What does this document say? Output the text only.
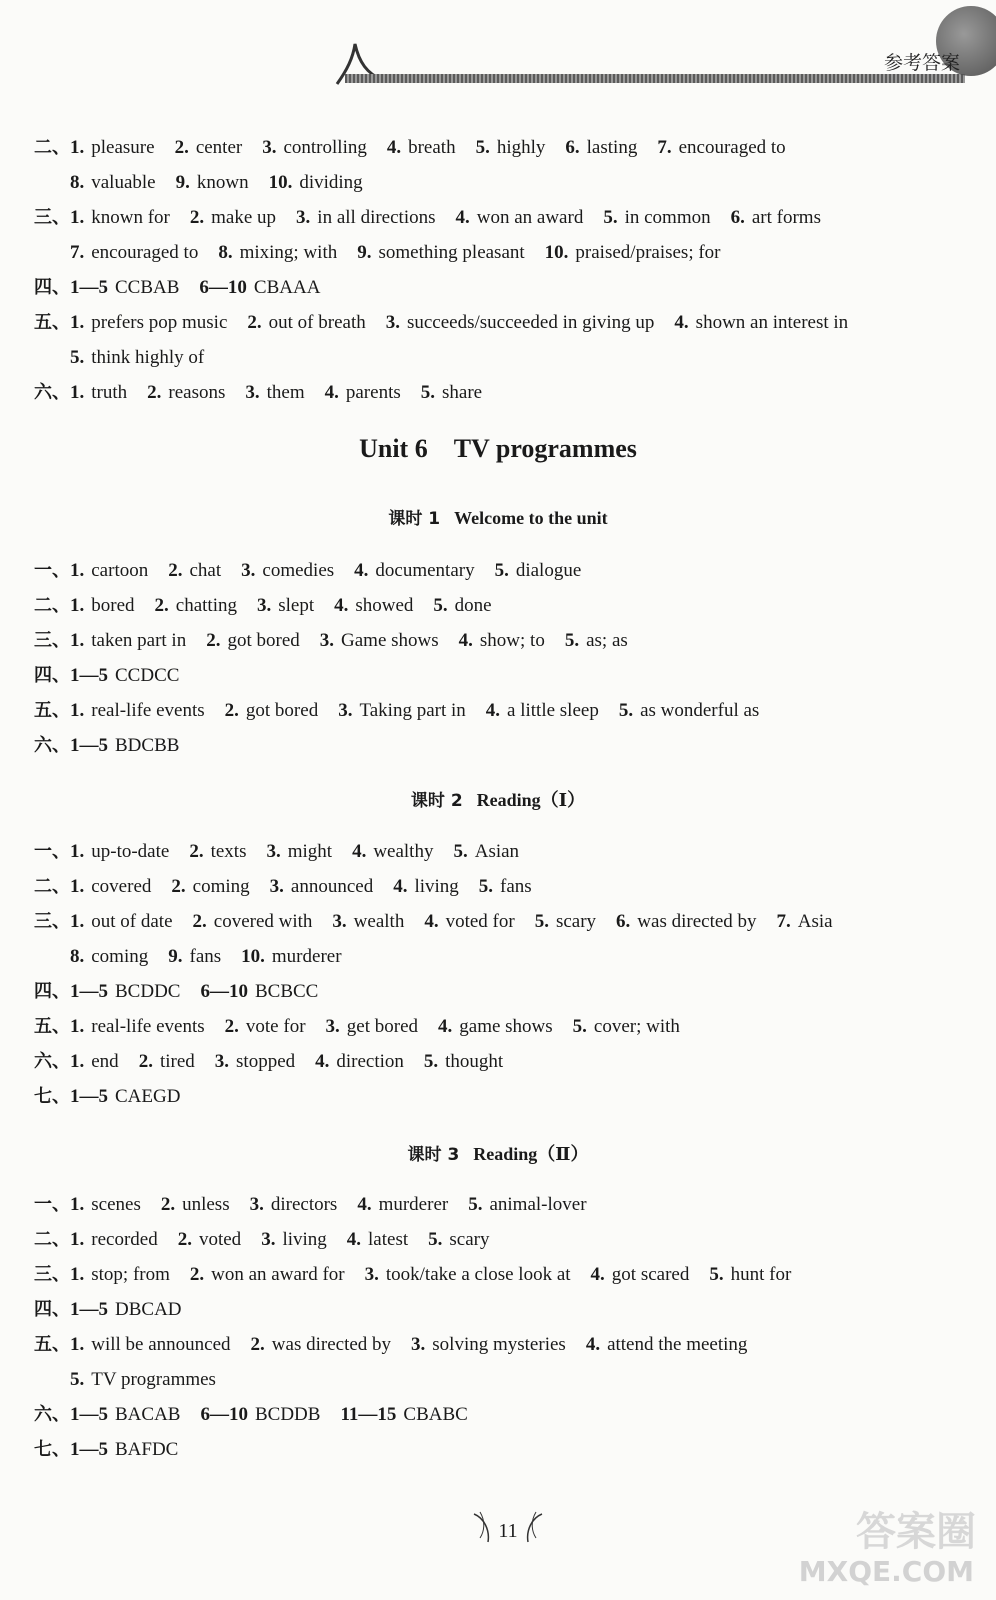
参考答案
二、1. pleasure 2. center 3. controlling 4. breath 5. highly 6. lasting 7. encouraged to
8. valuable 9. known 10. dividing
三、1. known for 2. make up 3. in all directions 4. won an award 5. in common 6. art forms
7. encouraged to 8. mixing; with 9. something pleasant 10. praised/praises; for
四、1—5 CCBAB 6—10 CBAAA
五、1. prefers pop music 2. out of breath 3. succeeds/succeeded in giving up 4. shown an interest in
5. think highly of
六、1. truth 2. reasons 3. them 4. parents 5. share
课时 1 Welcome to the unit
一、1. cartoon 2. chat 3. comedies 4. documentary 5. dialogue
二、1. bored 2. chatting 3. slept 4. showed 5. done
三、1. taken part in 2. got bored 3. Game shows 4. show; to 5. as; as
四、1—5 CCDCC
五、1. real-life events 2. got bored 3. Taking part in 4. a little sleep 5. as wonderful as
六、1—5 BDCBB
课时 2 Reading（Ⅰ）
一、1. up-to-date 2. texts 3. might 4. wealthy 5. Asian
二、1. covered 2. coming 3. announced 4. living 5. fans
三、1. out of date 2. covered with 3. wealth 4. voted for 5. scary 6. was directed by 7. Asia
8. coming 9. fans 10. murderer
四、1—5 BCDDC 6—10 BCBCC
五、1. real-life events 2. vote for 3. get bored 4. game shows 5. cover; with
六、1. end 2. tired 3. stopped 4. direction 5. thought
七、1—5 CAEGD
课时 3 Reading（Ⅱ）
一、1. scenes 2. unless 3. directors 4. murderer 5. animal-lover
二、1. recorded 2. voted 3. living 4. latest 5. scary
三、1. stop; from 2. won an award for 3. took/take a close look at 4. got scared 5. hunt for
四、1—5 DBCAD
五、1. will be announced 2. was directed by 3. solving mysteries 4. attend the meeting
5. TV programmes
六、1—5 BACAB 6—10 BCDDB 11—15 CBABC
七、1—5 BAFDC
Unit 6　TV programmes
11	答案圈
MXQE.COM
